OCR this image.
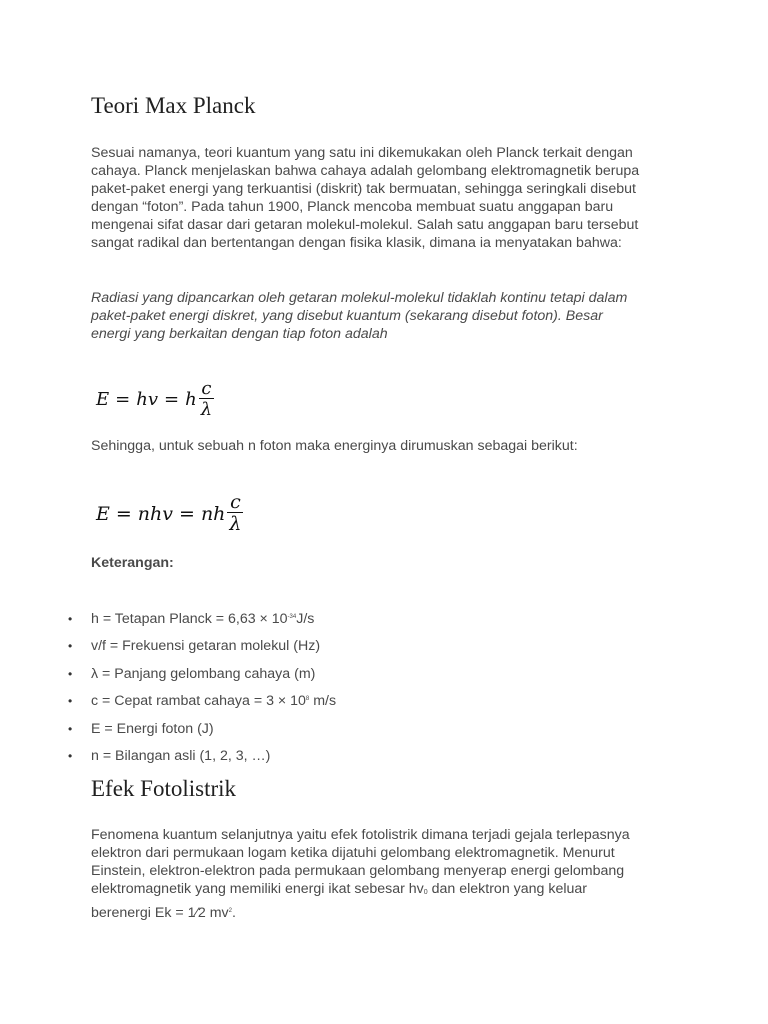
Teori Max Planck

Sesuai namanya, teori kuantum yang satu ini dikemukakan oleh Planck terkait dengan
cahaya. Planck menjelaskan bahwa cahaya adalah gelombang elektromagnetik berupa
paket-paket energi yang terkuantisi (diskrit) tak bermuatan, sehingga seringkali disebut
dengan “foton”. Pada tahun 1900, Planck mencoba membuat suatu anggapan baru
mengenai sifat dasar dari getaran molekul-molekul. Salah satu anggapan baru tersebut
sangat radikal dan bertentangan dengan fisika klasik, dimana ia menyatakan bahwa:

Radiasi yang dipancarkan oleh getaran molekul-molekul tidaklah kontinu tetapi dalam
paket-paket energi diskret, yang disebut kuantum (sekarang disebut foton). Besar
energi yang berkaitan dengan tiap foton adalah

E = hv = h $\frac{c}{\lambda}$

Sehingga, untuk sebuah n foton maka energinya dirumuskan sebagai berikut:

E = nhv = nh $\frac{c}{\lambda}$

Keterangan:

• h = Tetapan Planck = $6,63 \times 10^{-34}J/s$
• v/f = Frekuensi getaran molekul (Hz)
• λ = Panjang gelombang cahaya (m)
• c = Cepat rambat cahaya = $3 \times 10^8$ m/s
• E = Energi foton (J)
• n = Bilangan asli (1, 2, 3, …)
Efek Fotolistrik

Fenomena kuantum selanjutnya yaitu efek fotolistrik dimana terjadi gejala terlepasnya
elektron dari permukaan logam ketika dijatuhi gelombang elektromagnetik. Menurut
Einstein, elektron-elektron pada permukaan gelombang menyerap energi gelombang
elektromagnetik yang memiliki energi ikat sebesar $hv_0$ dan elektron yang keluar
berenergi Ek = 1⁄2 $mv^2$.
